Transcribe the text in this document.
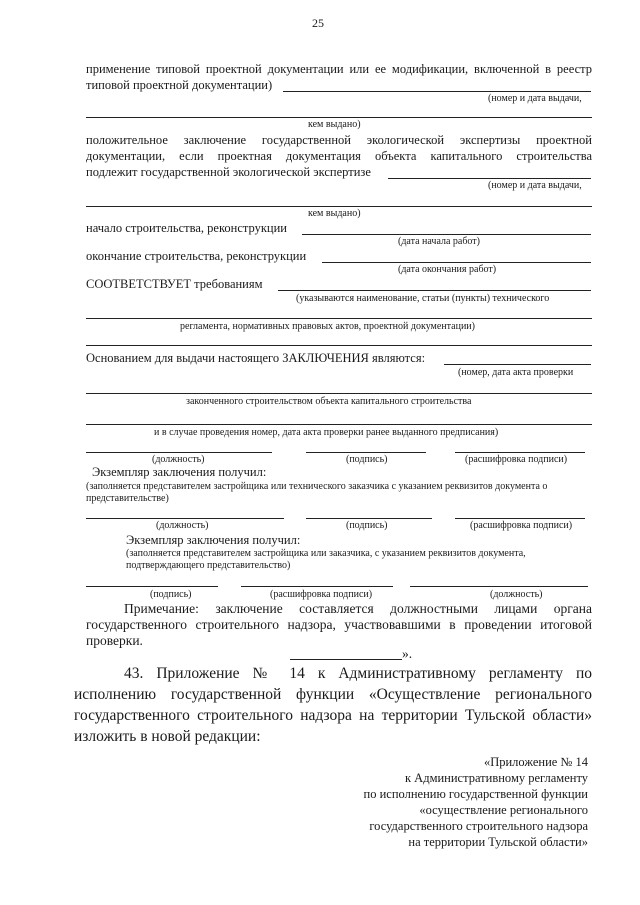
25
применение типовой проектной документации или ее модификации, включенной в реестр
типовой проектной документации)
(номер и дата выдачи,
кем выдано)
положительное заключение государственной экологической экспертизы проектной
документации, если проектная документация объекта капитального строительства
подлежит государственной экологической экспертизе
(номер и дата выдачи,
кем выдано)
начало строительства, реконструкции
(дата начала работ)
окончание строительства, реконструкции
(дата окончания работ)
СООТВЕТСТВУЕТ требованиям
(указываются наименование, статьи (пункты) технического
регламента, нормативных правовых актов, проектной документации)
Основанием для выдачи настоящего ЗАКЛЮЧЕНИЯ являются:
(номер, дата акта проверки
законченного строительством объекта капитального строительства
и в случае проведения номер, дата акта проверки ранее выданного предписания)
(должность)	(подпись)	(расшифровка подписи)
Экземпляр заключения получил:
(заполняется представителем застройщика или технического заказчика с указанием реквизитов документа о
представительстве)
(должность)	(подпись)	(расшифровка подписи)
Экземпляр заключения получил:
(заполняется представителем застройщика или заказчика, с указанием реквизитов документа,
подтверждающего представительство)
(подпись)	(расшифровка подписи)	(должность)
Примечание: заключение составляется должностными лицами органа
государственного строительного надзора, участвовавшими в проведении итоговой
проверки.
».
43. Приложение № 14 к Административному регламенту по
исполнению государственной функции «Осуществление регионального
государственного строительного надзора на территории Тульской области»
изложить в новой редакции:
«Приложение № 14
к Административному регламенту
по исполнению государственной функции
«осуществление регионального
государственного строительного надзора
на территории Тульской области»
